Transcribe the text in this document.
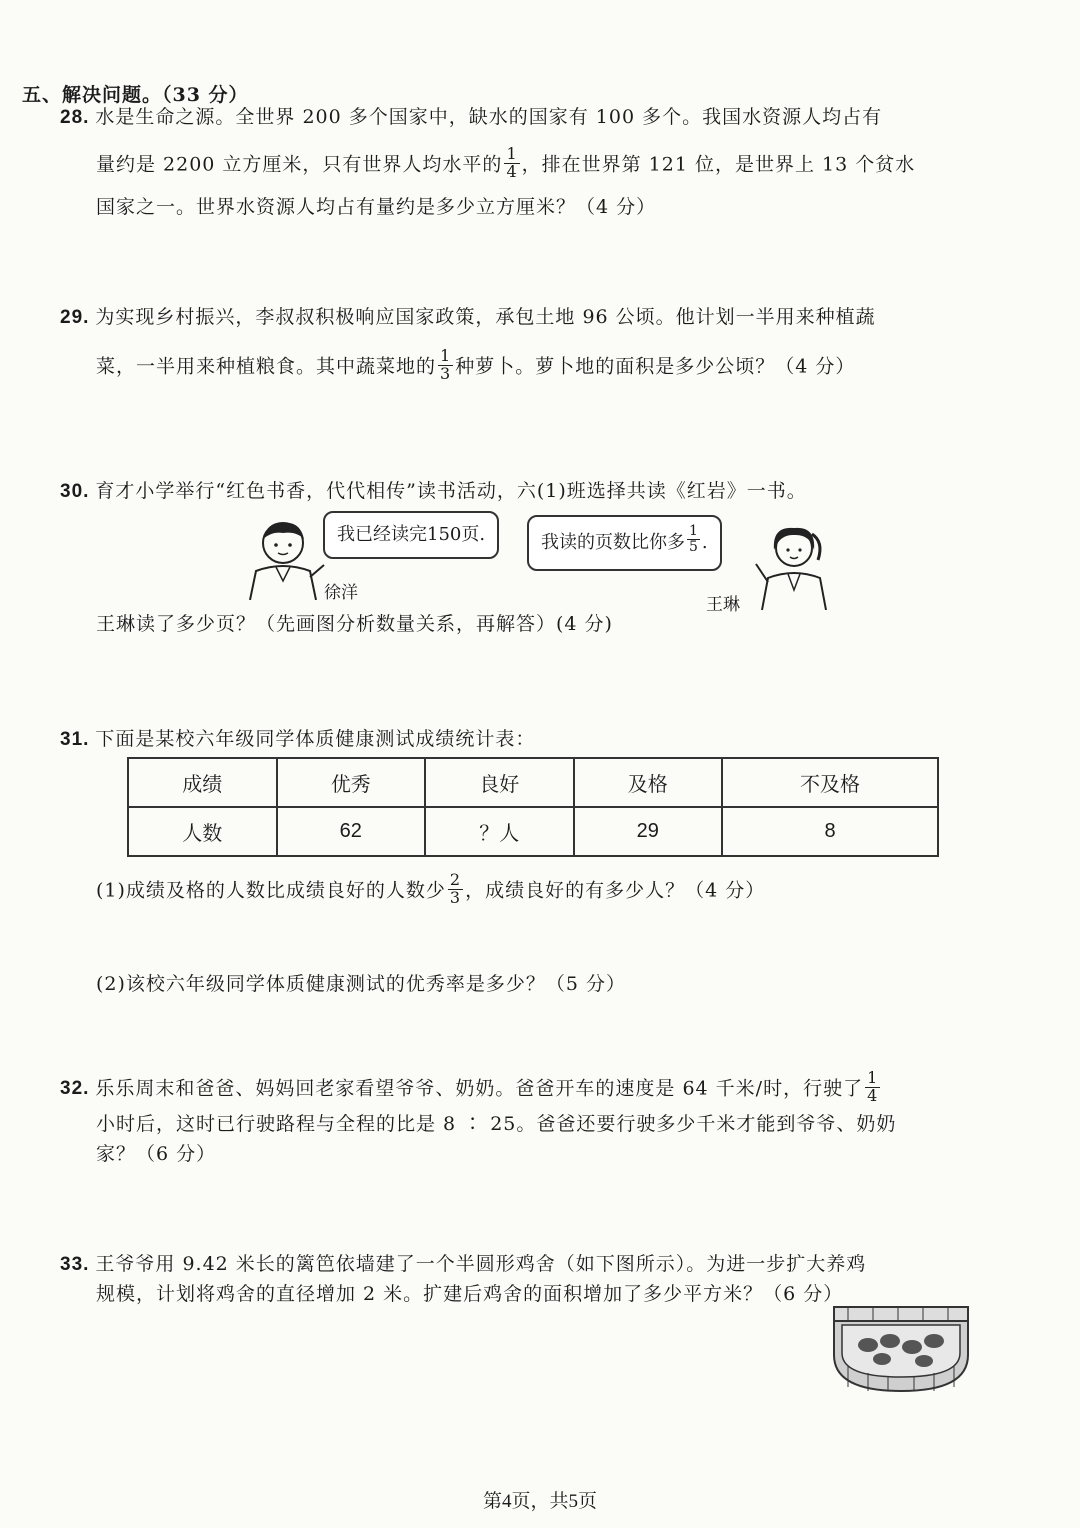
五、解决问题。（33 分）
28. 水是生命之源。全世界 200 多个国家中，缺水的国家有 100 多个。我国水资源人均占有
量约是 2200 立方厘米，只有世界人均水平的 $\frac{1}{4}$ ，排在世界第 121 位，是世界上 13 个贫水
国家之一。世界水资源人均占有量约是多少立方厘米？（4 分）
29. 为实现乡村振兴，李叔叔积极响应国家政策，承包土地 96 公顷。他计划一半用来种植蔬
菜，一半用来种植粮食。其中蔬菜地的 $\frac{1}{3}$ 种萝卜。萝卜地的面积是多少公顷？（4 分）
30. 育才小学举行“红色书香，代代相传”读书活动，六(1)班选择共读《红岩》一书。
我已经读完150页.
徐洋
我读的页数比你多 $\frac{1}{5}$ .
王琳
王琳读了多少页？（先画图分析数量关系，再解答）(4 分)
31. 下面是某校六年级同学体质健康测试成绩统计表：
成绩	优秀	良好	及格	不及格
人数	62	？人	29	8
(1)成绩及格的人数比成绩良好的人数少 $\frac{2}{3}$ ，成绩良好的有多少人？（4 分）
(2)该校六年级同学体质健康测试的优秀率是多少？（5 分）
32. 乐乐周末和爸爸、妈妈回老家看望爷爷、奶奶。爸爸开车的速度是 64 千米/时，行驶了 $\frac{1}{4}$
小时后，这时已行驶路程与全程的比是 8 ∶ 25。爸爸还要行驶多少千米才能到爷爷、奶奶
家？（6 分）
33. 王爷爷用 9.42 米长的篱笆依墙建了一个半圆形鸡舍（如下图所示）。为进一步扩大养鸡
规模，计划将鸡舍的直径增加 2 米。扩建后鸡舍的面积增加了多少平方米？（6 分）
第4页，共5页
